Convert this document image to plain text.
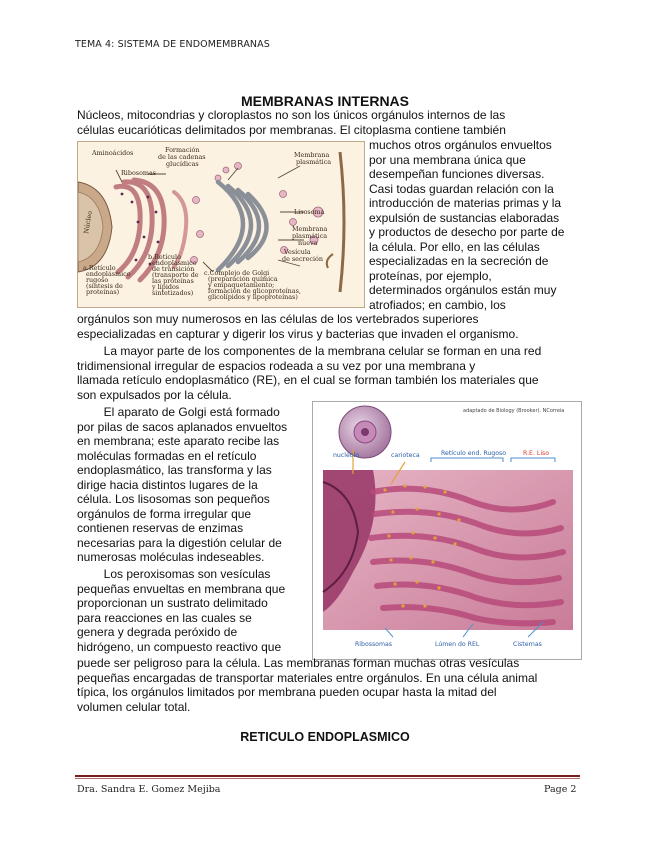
TEMA 4: SISTEMA DE ENDOMEMBRANAS
MEMBRANAS INTERNAS
Núcleos, mitocondrias y cloroplastos no son los únicos orgánulos internos de las
células eucarióticas delimitados por membranas. El citoplasma contiene también
Aminoácidos	Formación
de las cadenas
glucídicas
Ribosomas
Membrana
plasmática
Lisosoma
Membrana
plasmática
nueva
Vesícula
de secreción
b.Retículo
endoplásmico
de transición
(transporte de
las proteínas
y lípidos
sintetizados)
a.Retículo
endoplásmico
rugoso
(síntesis de
proteínas)
c.Complejo de Golgi
(preparación química
y empaquetamiento;
formación de glicoproteínas,
glicolípidos y lipoproteínas)
Núcleo
muchos otros orgánulos envueltos
por una membrana única que
desempeñan funciones diversas.
Casi todas guardan relación con la
introducción de materias primas y la
expulsión de sustancias elaboradas
y productos de desecho por parte de
la célula. Por ello, en las células
especializadas en la secreción de
proteínas, por ejemplo,
determinados orgánulos están muy
atrofiados; en cambio, los
orgánulos son muy numerosos en las células de los vertebrados superiores
especializadas en capturar y digerir los virus y bacterias que invaden el organismo.
La mayor parte de los componentes de la membrana celular se forman en una red
tridimensional irregular de espacios rodeada a su vez por una membrana y
llamada retículo endoplasmático (RE), en el cual se forman también los materiales que
son expulsados por la célula.
adaptado de Biology (Brooker). NCorreia
nucléolo	carioteca	Retículo end. Rugoso	R.E. Liso
Ribossomas	Lúmen do REL	Cisternas
El aparato de Golgi está formado
por pilas de sacos aplanados envueltos
en membrana; este aparato recibe las
moléculas formadas en el retículo
endoplasmático, las transforma y las
dirige hacia distintos lugares de la
célula. Los lisosomas son pequeños
orgánulos de forma irregular que
contienen reservas de enzimas
necesarias para la digestión celular de
numerosas moléculas indeseables.
Los peroxisomas son vesículas
pequeñas envueltas en membrana que
proporcionan un sustrato delimitado
para reacciones en las cuales se
genera y degrada peróxido de
hidrógeno, un compuesto reactivo que
puede ser peligroso para la célula. Las membranas forman muchas otras vesículas
pequeñas encargadas de transportar materiales entre orgánulos. En una célula animal
típica, los orgánulos limitados por membrana pueden ocupar hasta la mitad del
volumen celular total.
RETICULO ENDOPLASMICO
Dra. Sandra E. Gomez Mejiba	Page 2
